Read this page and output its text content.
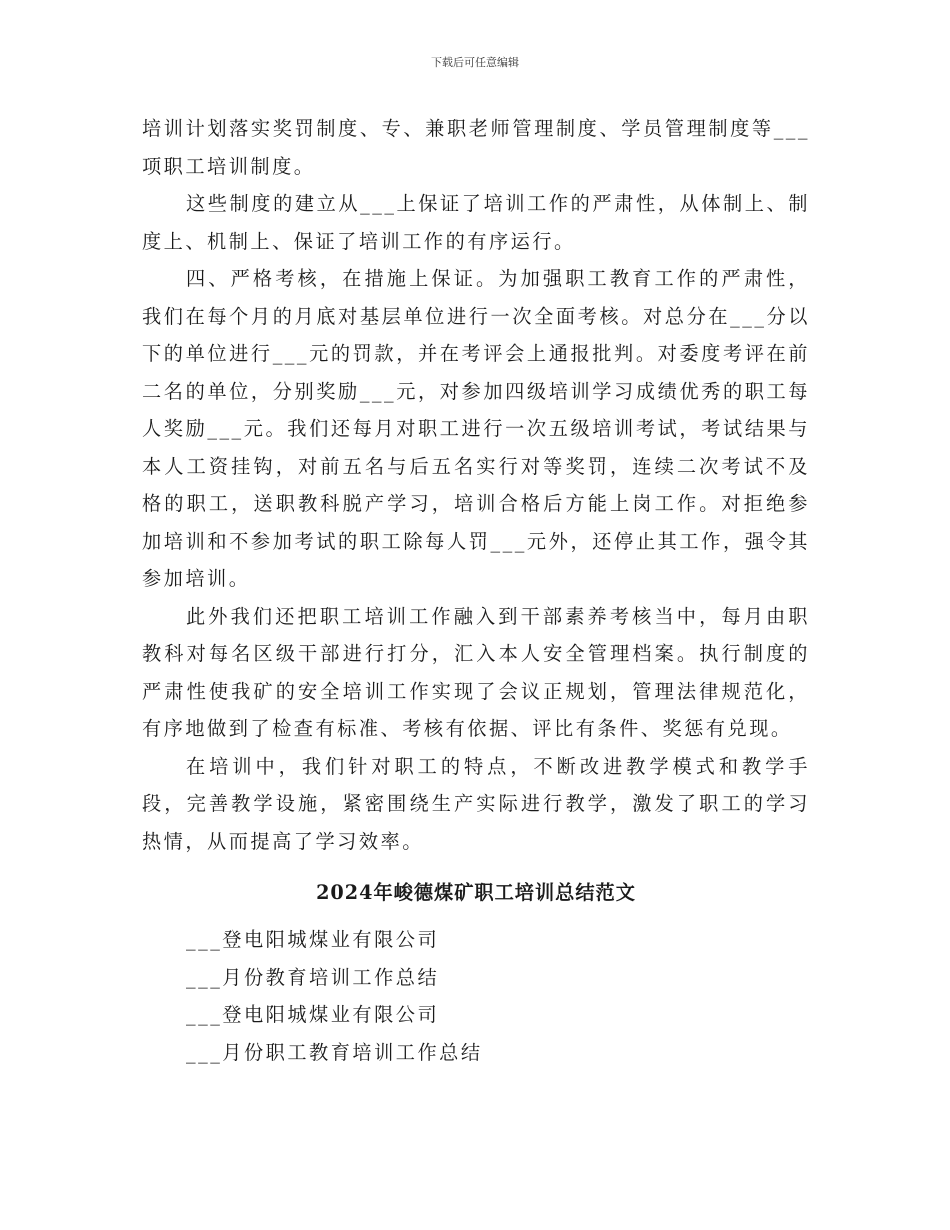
下载后可任意编辑

培训计划落实奖罚制度、专、兼职老师管理制度、学员管理制度等___项职工培训制度。

这些制度的建立从___上保证了培训工作的严肃性，从体制上、制度上、机制上、保证了培训工作的有序运行。

四、严格考核，在措施上保证。为加强职工教育工作的严肃性，我们在每个月的月底对基层单位进行一次全面考核。对总分在___分以下的单位进行___元的罚款，并在考评会上通报批判。对委度考评在前二名的单位，分别奖励___元，对参加四级培训学习成绩优秀的职工每人奖励___元。我们还每月对职工进行一次五级培训考试，考试结果与本人工资挂钩，对前五名与后五名实行对等奖罚，连续二次考试不及格的职工，送职教科脱产学习，培训合格后方能上岗工作。对拒绝参加培训和不参加考试的职工除每人罚___元外，还停止其工作，强令其参加培训。

此外我们还把职工培训工作融入到干部素养考核当中，每月由职教科对每名区级干部进行打分，汇入本人安全管理档案。执行制度的严肃性使我矿的安全培训工作实现了会议正规划，管理法律规范化，有序地做到了检查有标准、考核有依据、评比有条件、奖惩有兑现。

在培训中，我们针对职工的特点，不断改进教学模式和教学手段，完善教学设施，紧密围绕生产实际进行教学，激发了职工的学习热情，从而提高了学习效率。

2024年峻德煤矿职工培训总结范文

___登电阳城煤业有限公司

___月份教育培训工作总结

___登电阳城煤业有限公司

___月份职工教育培训工作总结
